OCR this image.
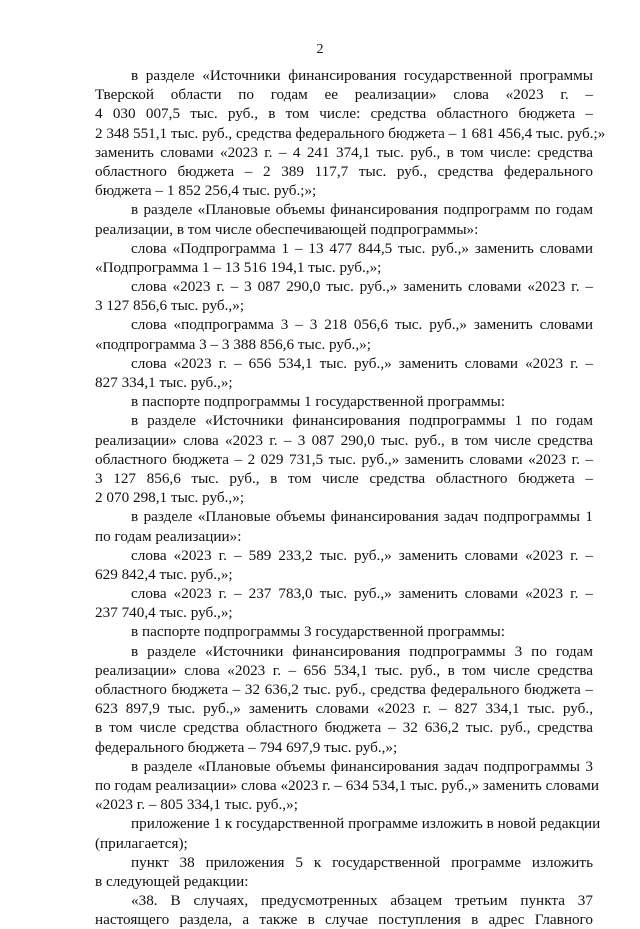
2
в разделе «Источники финансирования государственной программы
Тверской области по годам ее реализации» слова «2023 г. –
4 030 007,5 тыс. руб., в том числе: средства областного бюджета –
2 348 551,1 тыс. руб., средства федерального бюджета – 1 681 456,4 тыс. руб.;»
заменить словами «2023 г. – 4 241 374,1 тыс. руб., в том числе: средства
областного бюджета – 2 389 117,7 тыс. руб., средства федерального
бюджета – 1 852 256,4 тыс. руб.;»;
в разделе «Плановые объемы финансирования подпрограмм по годам
реализации, в том числе обеспечивающей подпрограммы»:
слова «Подпрограмма 1 – 13 477 844,5 тыс. руб.,» заменить словами
«Подпрограмма 1 – 13 516 194,1 тыс. руб.,»;
слова «2023 г. – 3 087 290,0 тыс. руб.,» заменить словами «2023 г. –
3 127 856,6 тыс. руб.,»;
слова «подпрограмма 3 – 3 218 056,6 тыс. руб.,» заменить словами
«подпрограмма 3 – 3 388 856,6 тыс. руб.,»;
слова «2023 г. – 656 534,1 тыс. руб.,» заменить словами «2023 г. –
827 334,1 тыс. руб.,»;
в паспорте подпрограммы 1 государственной программы:
в разделе «Источники финансирования подпрограммы 1 по годам
реализации» слова «2023 г. – 3 087 290,0 тыс. руб., в том числе средства
областного бюджета – 2 029 731,5 тыс. руб.,» заменить словами «2023 г. –
3 127 856,6 тыс. руб., в том числе средства областного бюджета –
2 070 298,1 тыс. руб.,»;
в разделе «Плановые объемы финансирования задач подпрограммы 1
по годам реализации»:
слова «2023 г. – 589 233,2 тыс. руб.,» заменить словами «2023 г. –
629 842,4 тыс. руб.,»;
слова «2023 г. – 237 783,0 тыс. руб.,» заменить словами «2023 г. –
237 740,4 тыс. руб.,»;
в паспорте подпрограммы 3 государственной программы:
в разделе «Источники финансирования подпрограммы 3 по годам
реализации» слова «2023 г. – 656 534,1 тыс. руб., в том числе средства
областного бюджета – 32 636,2 тыс. руб., средства федерального бюджета –
623 897,9 тыс. руб.,» заменить словами «2023 г. – 827 334,1 тыс. руб.,
в том числе средства областного бюджета – 32 636,2 тыс. руб., средства
федерального бюджета – 794 697,9 тыс. руб.,»;
в разделе «Плановые объемы финансирования задач подпрограммы 3
по годам реализации» слова «2023 г. – 634 534,1 тыс. руб.,» заменить словами
«2023 г. – 805 334,1 тыс. руб.,»;
приложение 1 к государственной программе изложить в новой редакции
(прилагается);
пункт 38 приложения 5 к государственной программе изложить
в следующей редакции:
«38. В случаях, предусмотренных абзацем третьим пункта 37
настоящего раздела, а также в случае поступления в адрес Главного
